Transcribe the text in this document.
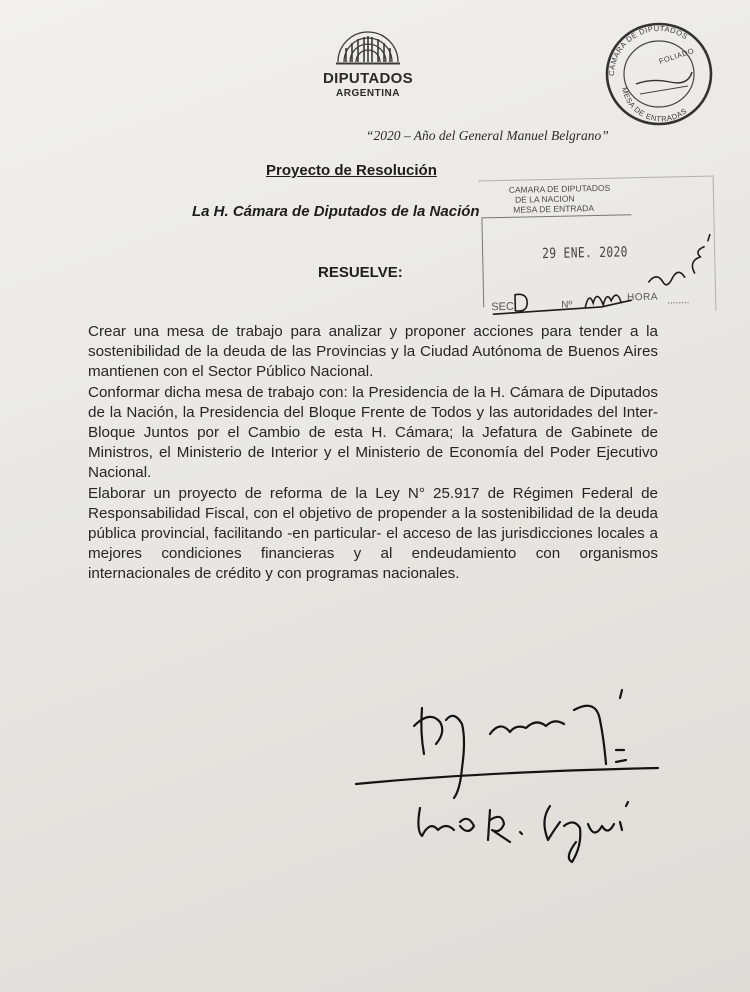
DIPUTADOS
ARGENTINA
CÁMARA DE DIPUTADOS
MESA DE ENTRADAS
FOLIADO
“2020 – Año del General Manuel Belgrano”
Proyecto de Resolución
La H. Cámara de Diputados de la Nación
RESUELVE:
CAMARA DE DIPUTADOS
DE LA NACION
MESA DE ENTRADA
29 ENE. 2020
SEC.	Nº
HORA ........

Crear una mesa de trabajo para analizar y proponer acciones para tender a la sostenibilidad de la deuda de las Provincias y la Ciudad Autónoma de Buenos Aires mantienen con el Sector Público Nacional.

Conformar dicha mesa de trabajo con: la Presidencia de la H. Cámara de Diputados de la Nación, la Presidencia del Bloque Frente de Todos y las autoridades del Inter-Bloque Juntos por el Cambio de esta H. Cámara; la Jefatura de Gabinete de Ministros, el Ministerio de Interior y el Ministerio de Economía del Poder Ejecutivo Nacional.

Elaborar un proyecto de reforma de la Ley N° 25.917 de Régimen Federal de Responsabilidad Fiscal, con el objetivo de propender a la sostenibilidad de la deuda pública provincial, facilitando -en particular- el acceso de las jurisdicciones locales a mejores condiciones financieras y al endeudamiento con organismos internacionales de crédito y con programas nacionales.
